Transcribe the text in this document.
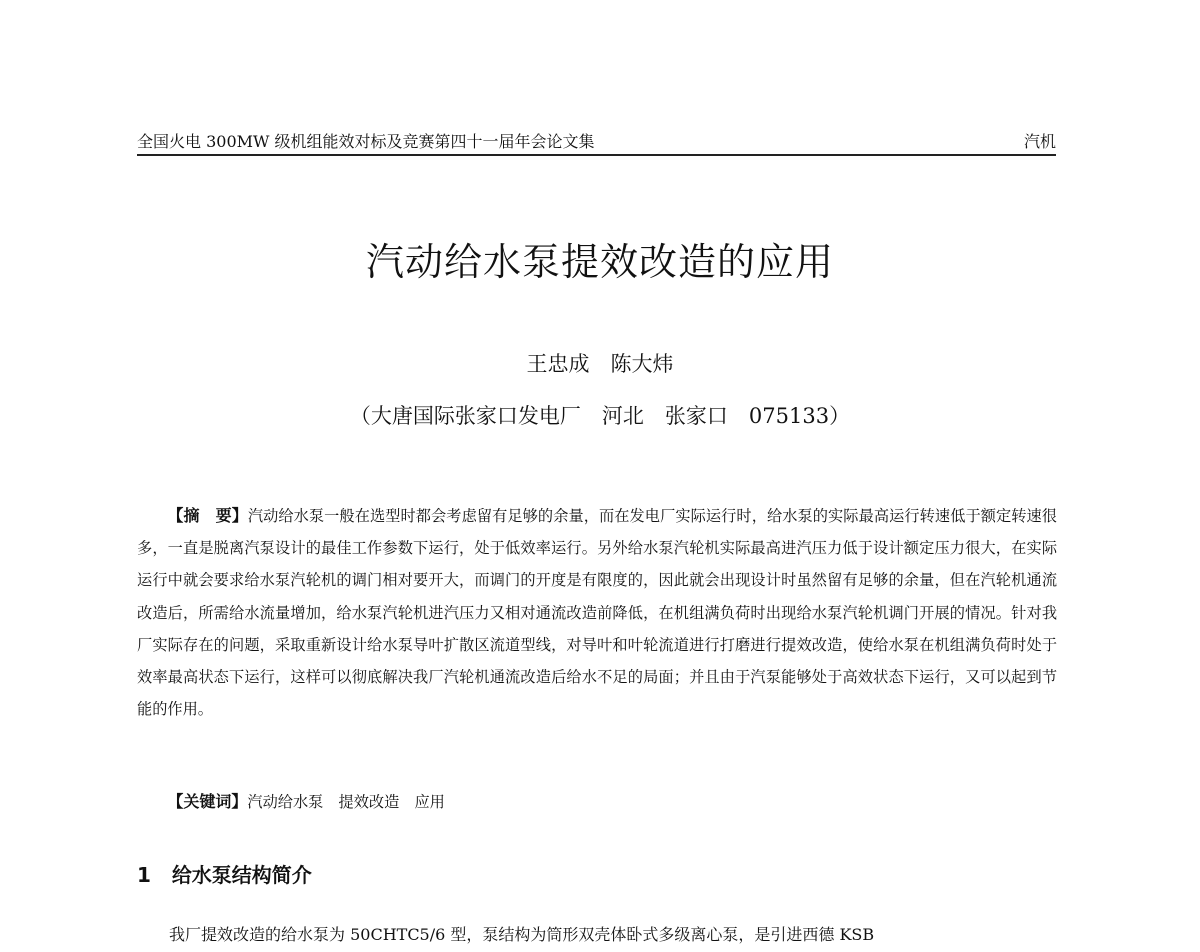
全国火电 300MW 级机组能效对标及竞赛第四十一届年会论文集	汽机
汽动给水泵提效改造的应用
王忠成　陈大炜
（大唐国际张家口发电厂　河北　张家口　075133）

【摘　要】汽动给水泵一般在选型时都会考虑留有足够的余量，而在发电厂实际运行时，给水泵的实际最高运行转速低于额定转速很多，一直是脱离汽泵设计的最佳工作参数下运行，处于低效率运行。另外给水泵汽轮机实际最高进汽压力低于设计额定压力很大，在实际运行中就会要求给水泵汽轮机的调门相对要开大，而调门的开度是有限度的，因此就会出现设计时虽然留有足够的余量，但在汽轮机通流改造后，所需给水流量增加，给水泵汽轮机进汽压力又相对通流改造前降低，在机组满负荷时出现给水泵汽轮机调门开展的情况。针对我厂实际存在的问题，采取重新设计给水泵导叶扩散区流道型线，对导叶和叶轮流道进行打磨进行提效改造，使给水泵在机组满负荷时处于效率最高状态下运行，这样可以彻底解决我厂汽轮机通流改造后给水不足的局面；并且由于汽泵能够处于高效状态下运行，又可以起到节能的作用。

【关键词】汽动给水泵　提效改造　应用
1 给水泵结构简介
我厂提效改造的给水泵为 50CHTC5/6 型，泵结构为筒形双壳体卧式多级离心泵，是引进西德 KSB
